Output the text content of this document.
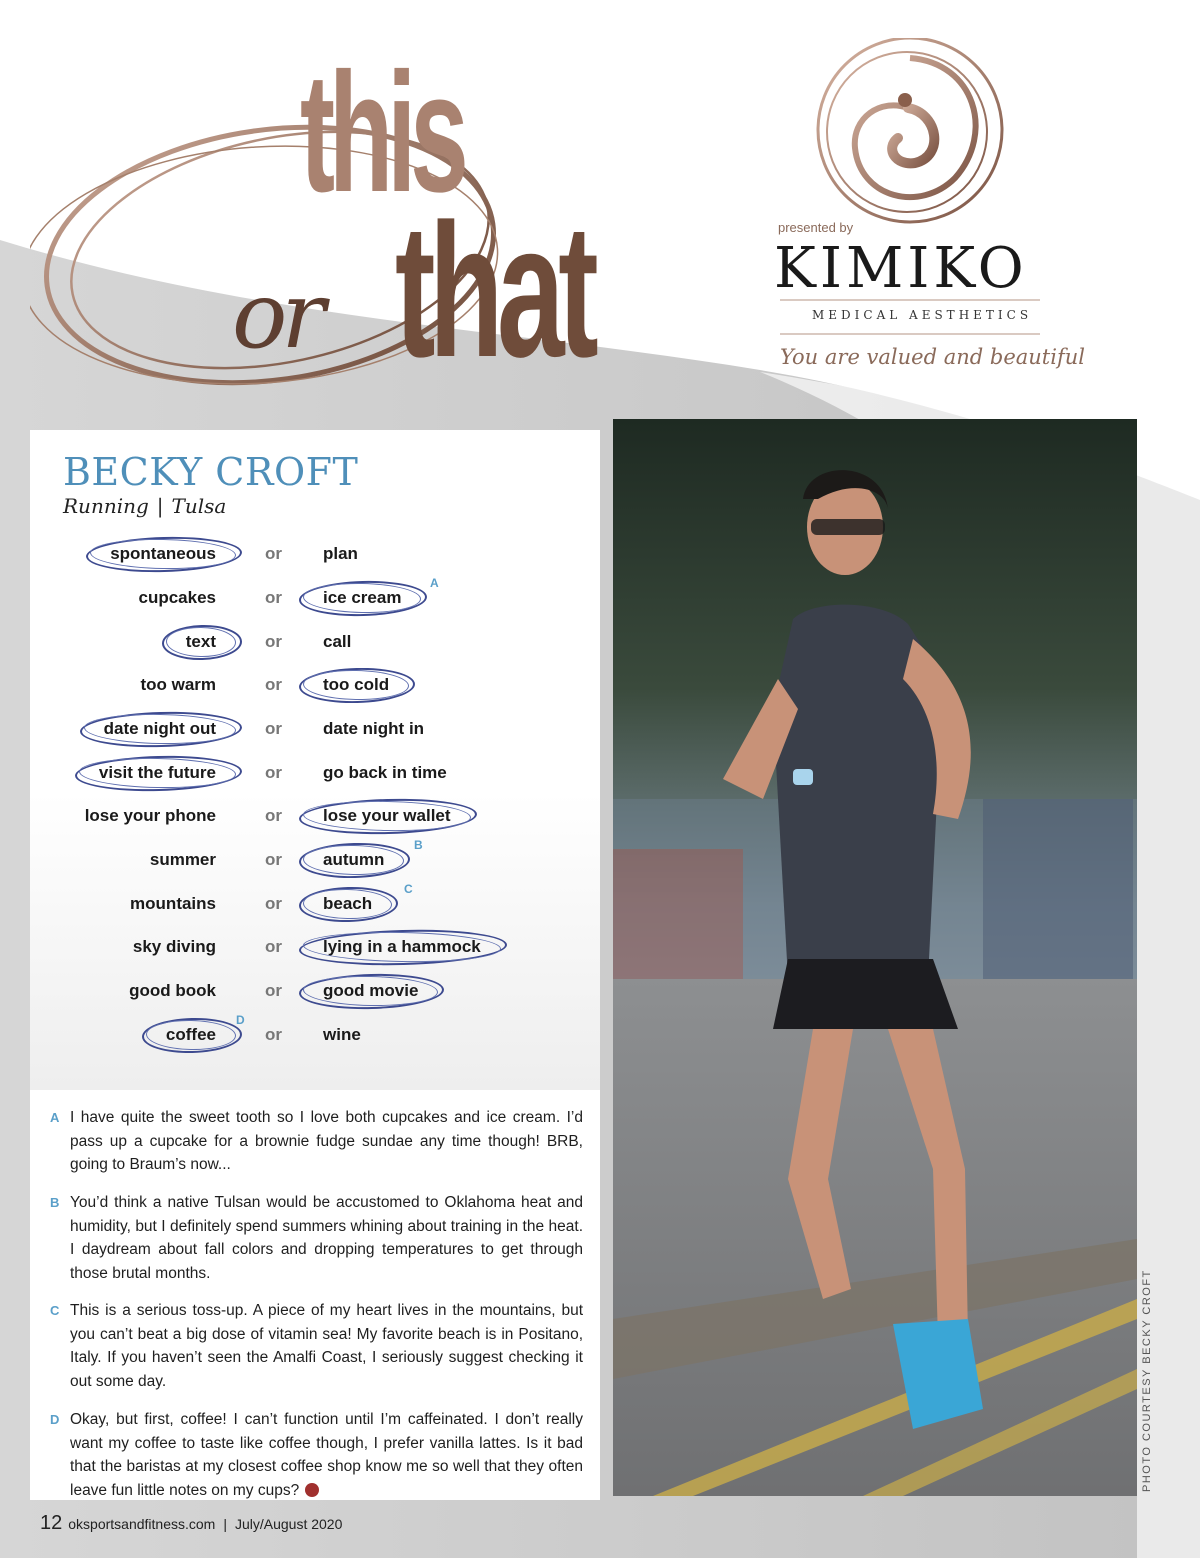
this
that
or
presented by
KIMIKO
MEDICAL AESTHETICS
You are valued and beautiful
BECKY CROFT
Running | Tulsa
spontaneous	or plan
cupcakes	or ice cream
A
text	or call
too warm	or too cold
date night out	or date night in
visit the future	or go back in time
lose your phone	or lose your wallet
summer	or autumn
B
mountains	or beach
C
sky diving	or lying in a hammock
good book	or good movie
coffee	or wine
D
A I have quite the sweet tooth so I love both cupcakes and ice cream. I’d pass up a cupcake for a brownie fudge sundae any time though! BRB, going to Braum’s now...
B You’d think a native Tulsan would be accustomed to Oklahoma heat and humidity, but I definitely spend summers whining about training in the heat. I daydream about fall colors and dropping temperatures to get through those brutal months.
C This is a serious toss-up. A piece of my heart lives in the mountains, but you can’t beat a big dose of vitamin sea! My favorite beach is in Positano, Italy. If you haven’t seen the Amalfi Coast, I seriously suggest checking it out some day.
D Okay, but first, coffee! I can’t function until I’m caffeinated. I don’t really want my coffee to taste like coffee though, I prefer vanilla lattes. Is it bad that the baristas at my closest coffee shop know me so well that they often leave fun little notes on my cups?	PHOTO COURTESY BECKY CROFT
12 oksportsandfitness.com | July/August 2020
